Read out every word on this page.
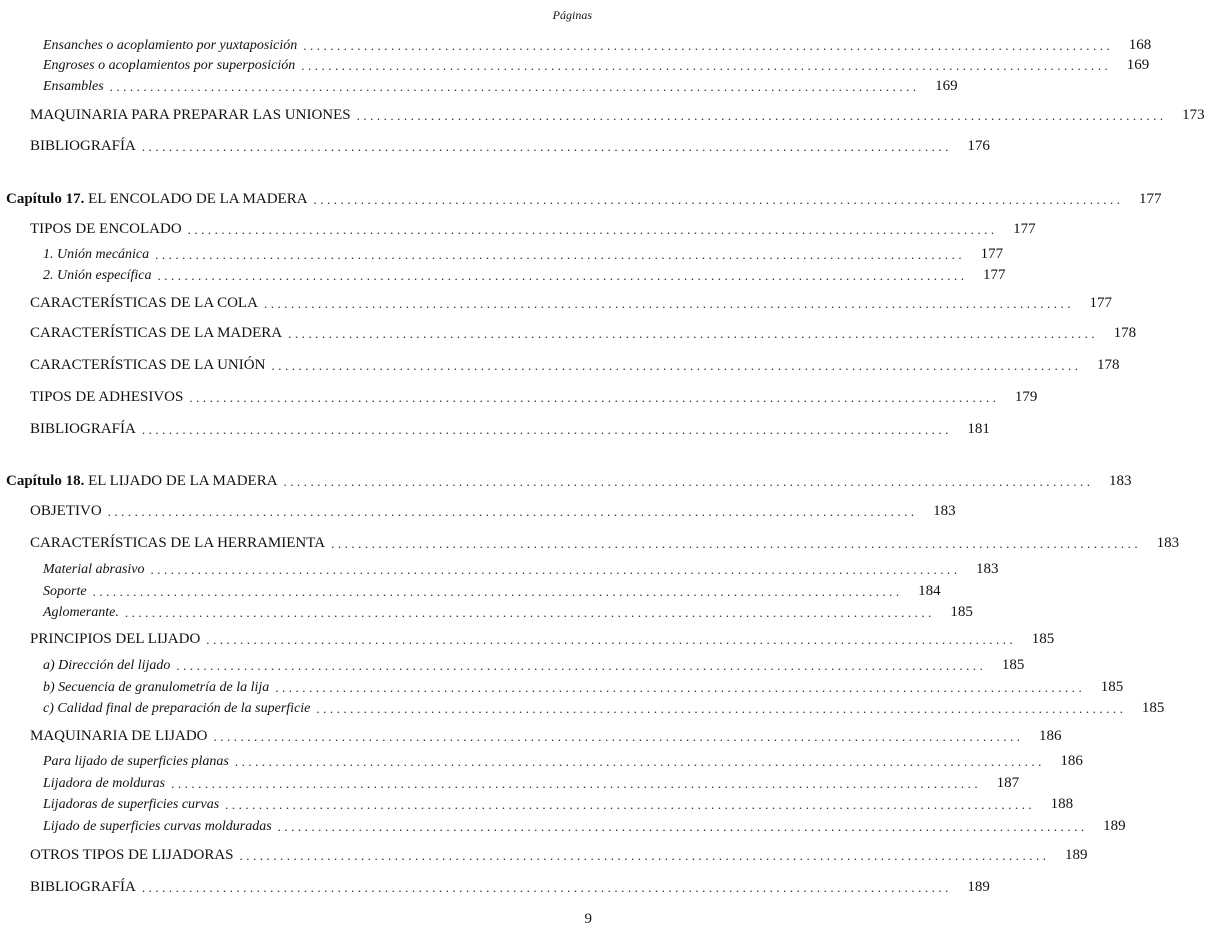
Páginas
Ensanches o acoplamiento por yuxtaposición ........................................................................................................................	168
Engroses o acoplamientos por superposición ........................................................................................................................	169
Ensambles ........................................................................................................................	169
MAQUINARIA PARA PREPARAR LAS UNIONES ........................................................................................................................	173
BIBLIOGRAFÍA ........................................................................................................................	176
Capítulo 17. EL ENCOLADO DE LA MADERA ........................................................................................................................	177
TIPOS DE ENCOLADO ........................................................................................................................	177
1. Unión mecánica ........................................................................................................................	177
2. Unión específica ........................................................................................................................	177
CARACTERÍSTICAS DE LA COLA ........................................................................................................................	177
CARACTERÍSTICAS DE LA MADERA ........................................................................................................................	178
CARACTERÍSTICAS DE LA UNIÓN ........................................................................................................................	178
TIPOS DE ADHESIVOS ........................................................................................................................	179
BIBLIOGRAFÍA ........................................................................................................................	181
Capítulo 18. EL LIJADO DE LA MADERA ........................................................................................................................	183
OBJETIVO ........................................................................................................................	183
CARACTERÍSTICAS DE LA HERRAMIENTA ........................................................................................................................	183
Material abrasivo ........................................................................................................................	183
Soporte ........................................................................................................................	184
Aglomerante. ........................................................................................................................	185
PRINCIPIOS DEL LIJADO ........................................................................................................................	185
a) Dirección del lijado ........................................................................................................................	185
b) Secuencia de granulometría de la lija ........................................................................................................................	185
c) Calidad final de preparación de la superficie ........................................................................................................................	185
MAQUINARIA DE LIJADO ........................................................................................................................	186
Para lijado de superficies planas ........................................................................................................................	186
Lijadora de molduras ........................................................................................................................	187
Lijadoras de superficies curvas ........................................................................................................................	188
Lijado de superficies curvas molduradas ........................................................................................................................	189
OTROS TIPOS DE LIJADORAS ........................................................................................................................	189
BIBLIOGRAFÍA ........................................................................................................................	189
9
